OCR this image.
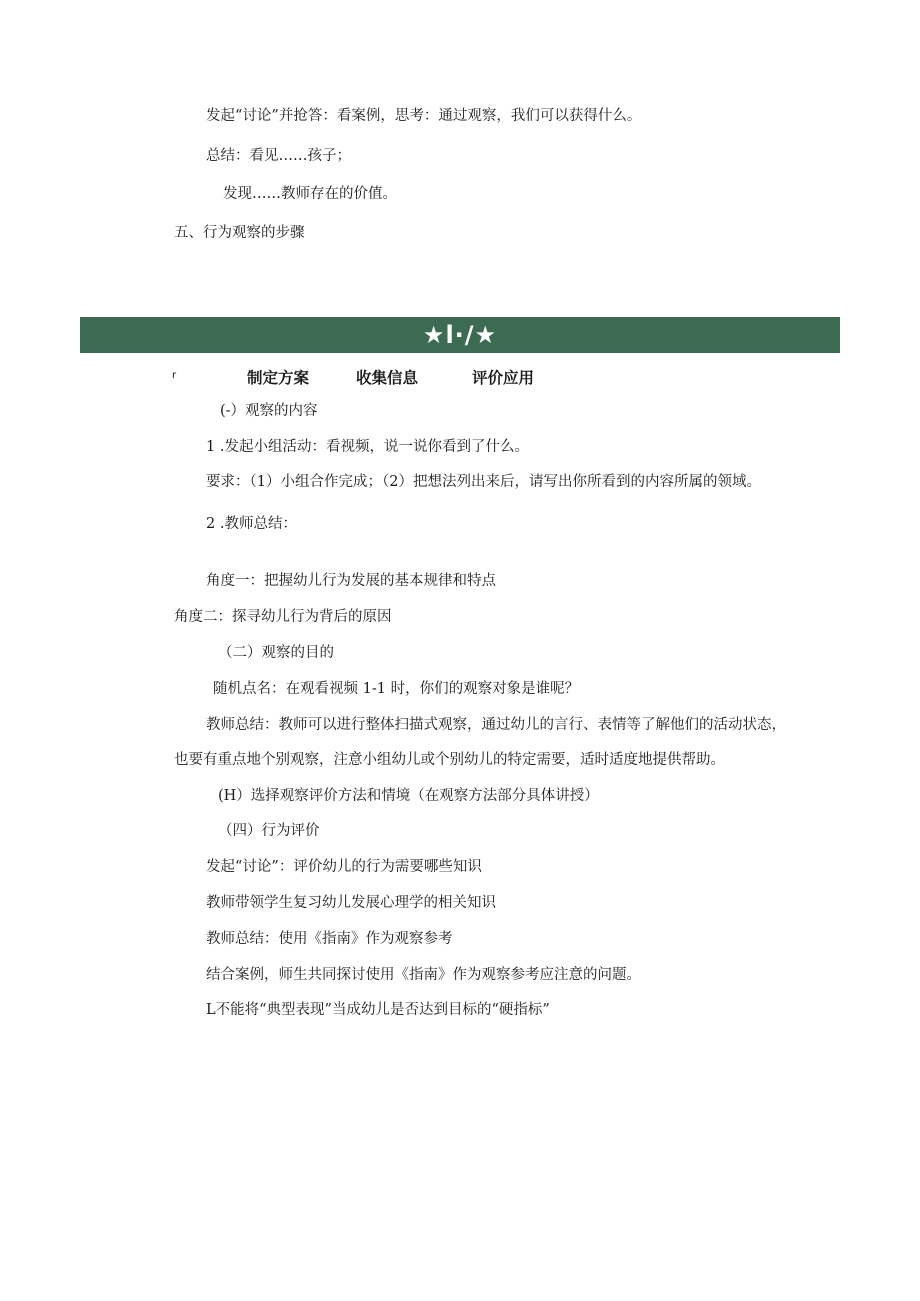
发起“讨论”并抢答：看案例，思考：通过观察，我们可以获得什么。
总结：看见……孩子；
发现……教师存在的价值。
五、行为观察的步骤
★l·/★
r	制定方案	收集信息	评价应用
(-）观察的内容
1 .发起小组活动：看视频，说一说你看到了什么。
要求：（1）小组合作完成；（2）把想法列出来后，请写出你所看到的内容所属的领域。
2 .教师总结：
角度一：把握幼儿行为发展的基本规律和特点
角度二：探寻幼儿行为背后的原因
（二）观察的目的
随机点名：在观看视频 1-1 时，你们的观察对象是谁呢？
教师总结：教师可以进行整体扫描式观察，通过幼儿的言行、表情等了解他们的活动状态，
也要有重点地个别观察，注意小组幼儿或个别幼儿的特定需要，适时适度地提供帮助。
(H）选择观察评价方法和情境（在观察方法部分具体讲授）
（四）行为评价
发起“讨论”：评价幼儿的行为需要哪些知识
教师带领学生复习幼儿发展心理学的相关知识
教师总结：使用《指南》作为观察参考
结合案例，师生共同探讨使用《指南》作为观察参考应注意的问题。
L不能将“典型表现”当成幼儿是否达到目标的“硬指标”
